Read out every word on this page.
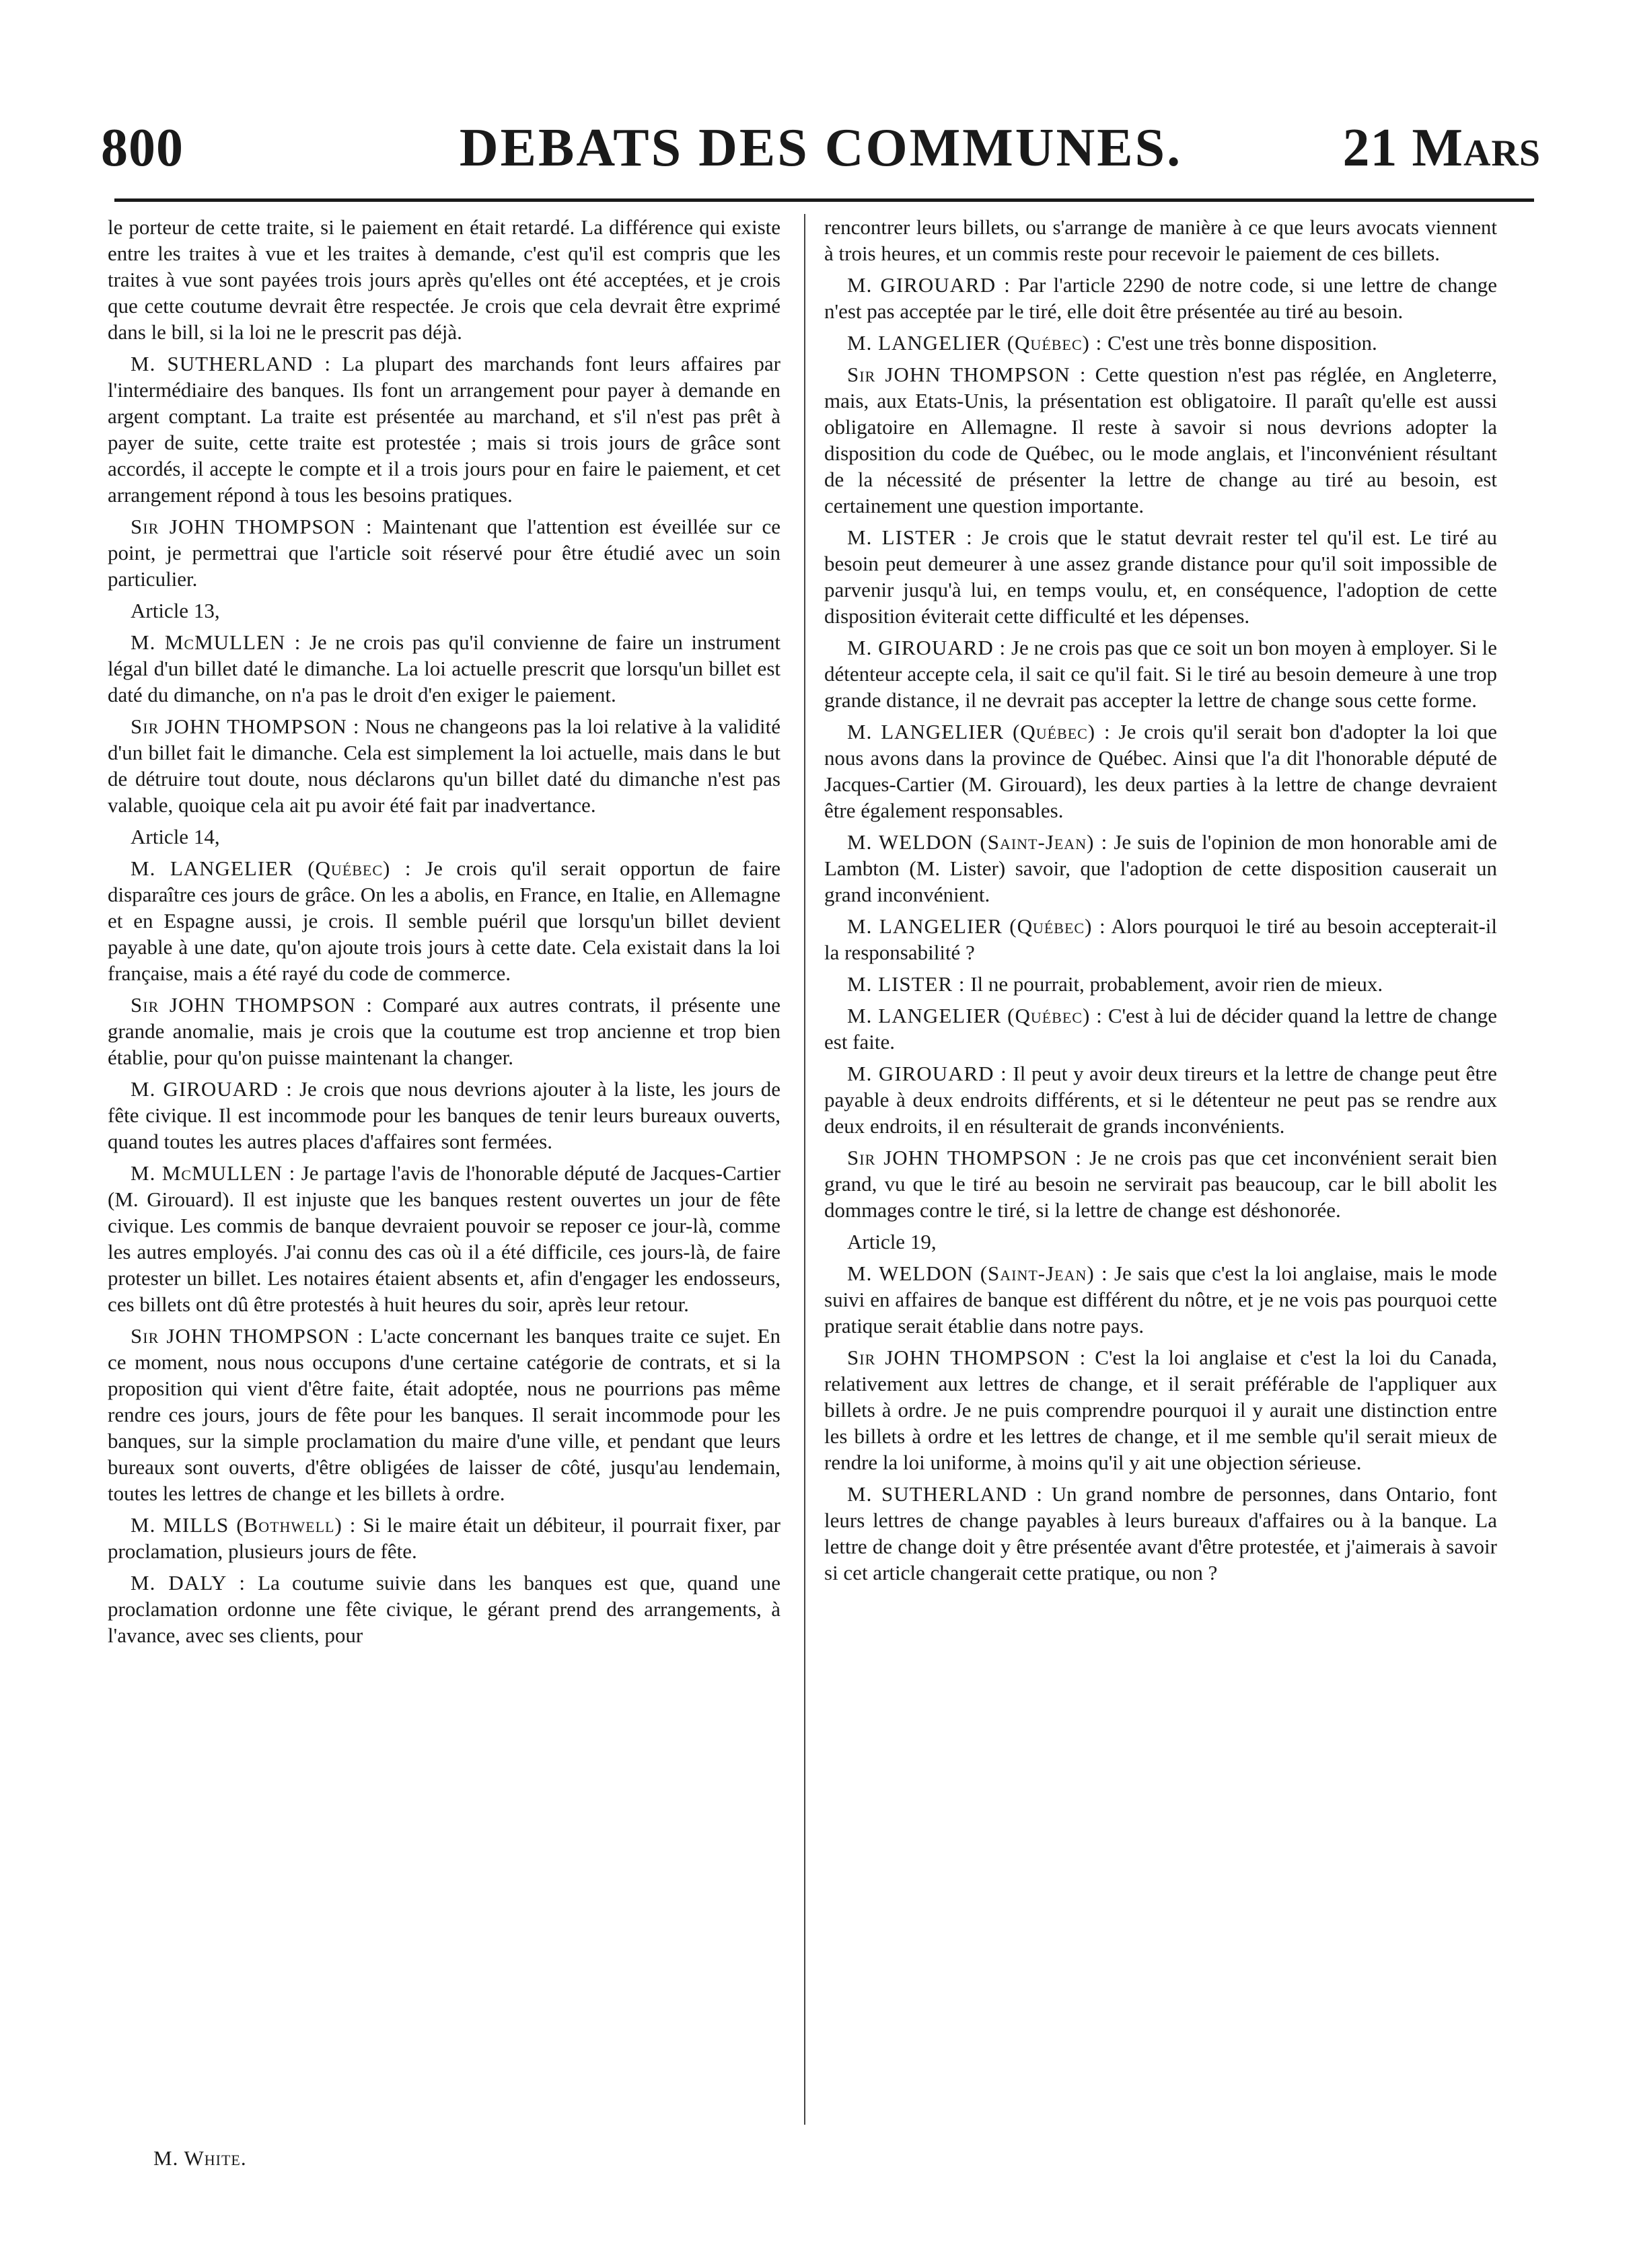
800	DEBATS DES COMMUNES.	21 Mars

le porteur de cette traite, si le paiement en était retardé. La différence qui existe entre les traites à vue et les traites à demande, c'est qu'il est compris que les traites à vue sont payées trois jours après qu'elles ont été acceptées, et je crois que cette coutume devrait être respectée. Je crois que cela devrait être exprimé dans le bill, si la loi ne le prescrit pas déjà.

M. SUTHERLAND : La plupart des marchands font leurs affaires par l'intermédiaire des banques. Ils font un arrangement pour payer à demande en argent comptant. La traite est présentée au marchand, et s'il n'est pas prêt à payer de suite, cette traite est protestée ; mais si trois jours de grâce sont accordés, il accepte le compte et il a trois jours pour en faire le paiement, et cet arrangement répond à tous les besoins pratiques.

Sir JOHN THOMPSON : Maintenant que l'attention est éveillée sur ce point, je permettrai que l'article soit réservé pour être étudié avec un soin particulier.

Article 13,

M. McMULLEN : Je ne crois pas qu'il convienne de faire un instrument légal d'un billet daté le dimanche. La loi actuelle prescrit que lorsqu'un billet est daté du dimanche, on n'a pas le droit d'en exiger le paiement.

Sir JOHN THOMPSON : Nous ne changeons pas la loi relative à la validité d'un billet fait le dimanche. Cela est simplement la loi actuelle, mais dans le but de détruire tout doute, nous déclarons qu'un billet daté du dimanche n'est pas valable, quoique cela ait pu avoir été fait par inadvertance.

Article 14,

M. LANGELIER (Québec) : Je crois qu'il serait opportun de faire disparaître ces jours de grâce. On les a abolis, en France, en Italie, en Allemagne et en Espagne aussi, je crois. Il semble puéril que lorsqu'un billet devient payable à une date, qu'on ajoute trois jours à cette date. Cela existait dans la loi française, mais a été rayé du code de commerce.

Sir JOHN THOMPSON : Comparé aux autres contrats, il présente une grande anomalie, mais je crois que la coutume est trop ancienne et trop bien établie, pour qu'on puisse maintenant la changer.

M. GIROUARD : Je crois que nous devrions ajouter à la liste, les jours de fête civique. Il est incommode pour les banques de tenir leurs bureaux ouverts, quand toutes les autres places d'affaires sont fermées.

M. McMULLEN : Je partage l'avis de l'honorable député de Jacques-Cartier (M. Girouard). Il est injuste que les banques restent ouvertes un jour de fête civique. Les commis de banque devraient pouvoir se reposer ce jour-là, comme les autres employés. J'ai connu des cas où il a été difficile, ces jours-là, de faire protester un billet. Les notaires étaient absents et, afin d'engager les endosseurs, ces billets ont dû être protestés à huit heures du soir, après leur retour.

Sir JOHN THOMPSON : L'acte concernant les banques traite ce sujet. En ce moment, nous nous occupons d'une certaine catégorie de contrats, et si la proposition qui vient d'être faite, était adoptée, nous ne pourrions pas même rendre ces jours, jours de fête pour les banques. Il serait incommode pour les banques, sur la simple proclamation du maire d'une ville, et pendant que leurs bureaux sont ouverts, d'être obligées de laisser de côté, jusqu'au lendemain, toutes les lettres de change et les billets à ordre.

M. MILLS (Bothwell) : Si le maire était un débiteur, il pourrait fixer, par proclamation, plusieurs jours de fête.

M. DALY : La coutume suivie dans les banques est que, quand une proclamation ordonne une fête civique, le gérant prend des arrangements, à l'avance, avec ses clients, pour

rencontrer leurs billets, ou s'arrange de manière à ce que leurs avocats viennent à trois heures, et un commis reste pour recevoir le paiement de ces billets.

M. GIROUARD : Par l'article 2290 de notre code, si une lettre de change n'est pas acceptée par le tiré, elle doit être présentée au tiré au besoin.

M. LANGELIER (Québec) : C'est une très bonne disposition.

Sir JOHN THOMPSON : Cette question n'est pas réglée, en Angleterre, mais, aux Etats-Unis, la présentation est obligatoire. Il paraît qu'elle est aussi obligatoire en Allemagne. Il reste à savoir si nous devrions adopter la disposition du code de Québec, ou le mode anglais, et l'inconvénient résultant de la nécessité de présenter la lettre de change au tiré au besoin, est certainement une question importante.

M. LISTER : Je crois que le statut devrait rester tel qu'il est. Le tiré au besoin peut demeurer à une assez grande distance pour qu'il soit impossible de parvenir jusqu'à lui, en temps voulu, et, en conséquence, l'adoption de cette disposition éviterait cette difficulté et les dépenses.

M. GIROUARD : Je ne crois pas que ce soit un bon moyen à employer. Si le détenteur accepte cela, il sait ce qu'il fait. Si le tiré au besoin demeure à une trop grande distance, il ne devrait pas accepter la lettre de change sous cette forme.

M. LANGELIER (Québec) : Je crois qu'il serait bon d'adopter la loi que nous avons dans la province de Québec. Ainsi que l'a dit l'honorable député de Jacques-Cartier (M. Girouard), les deux parties à la lettre de change devraient être également responsables.

M. WELDON (Saint-Jean) : Je suis de l'opinion de mon honorable ami de Lambton (M. Lister) savoir, que l'adoption de cette disposition causerait un grand inconvénient.

M. LANGELIER (Québec) : Alors pourquoi le tiré au besoin accepterait-il la responsabilité ?

M. LISTER : Il ne pourrait, probablement, avoir rien de mieux.

M. LANGELIER (Québec) : C'est à lui de décider quand la lettre de change est faite.

M. GIROUARD : Il peut y avoir deux tireurs et la lettre de change peut être payable à deux endroits différents, et si le détenteur ne peut pas se rendre aux deux endroits, il en résulterait de grands inconvénients.

Sir JOHN THOMPSON : Je ne crois pas que cet inconvénient serait bien grand, vu que le tiré au besoin ne servirait pas beaucoup, car le bill abolit les dommages contre le tiré, si la lettre de change est déshonorée.

Article 19,

M. WELDON (Saint-Jean) : Je sais que c'est la loi anglaise, mais le mode suivi en affaires de banque est différent du nôtre, et je ne vois pas pourquoi cette pratique serait établie dans notre pays.

Sir JOHN THOMPSON : C'est la loi anglaise et c'est la loi du Canada, relativement aux lettres de change, et il serait préférable de l'appliquer aux billets à ordre. Je ne puis comprendre pourquoi il y aurait une distinction entre les billets à ordre et les lettres de change, et il me semble qu'il serait mieux de rendre la loi uniforme, à moins qu'il y ait une objection sérieuse.

M. SUTHERLAND : Un grand nombre de personnes, dans Ontario, font leurs lettres de change payables à leurs bureaux d'affaires ou à la banque. La lettre de change doit y être présentée avant d'être protestée, et j'aimerais à savoir si cet article changerait cette pratique, ou non ?

M. White.
